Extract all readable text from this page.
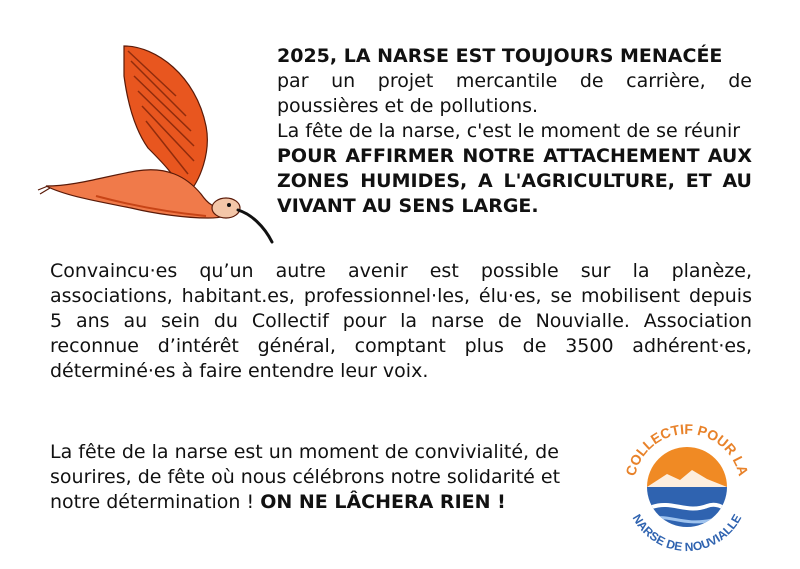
2025, LA NARSE EST TOUJOURS MENACÉE
par un projet mercantile de carrière, de poussières et de pollutions.
La fête de la narse, c'est le moment de se réunir
POUR AFFIRMER NOTRE ATTACHEMENT AUX ZONES HUMIDES, A L'AGRICULTURE, ET AU VIVANT AU SENS LARGE.
Convaincu·es qu’un autre avenir est possible sur la planèze, associations, habitant.es, professionnel·les, élu·es, se mobilisent depuis 5 ans au sein du Collectif pour la narse de Nouvialle. Association reconnue d’intérêt général, comptant plus de 3500 adhérent·es, déterminé·es à faire entendre leur voix.
La fête de la narse est un moment de convivialité, de sourires, de fête où nous célébrons notre solidarité et notre détermination ! ON NE LÂCHERA RIEN !
COLLECTIF POUR LA
NARSE DE NOUVIALLE
